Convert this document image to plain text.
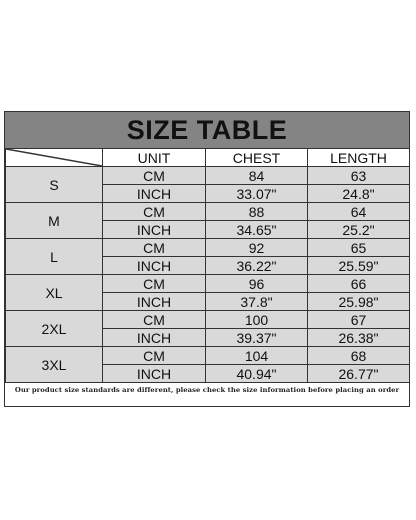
SIZE TABLE
	UNIT	CHEST	LENGTH
S	CM	84	63
	INCH	33.07"	24.8"
M	CM	88	64
	INCH	34.65"	25.2"
L	CM	92	65
	INCH	36.22"	25.59"
XL	CM	96	66
	INCH	37.8"	25.98"
2XL	CM	100	67
	INCH	39.37"	26.38"
3XL	CM	104	68
	INCH	40.94"	26.77"
Our product size standards are different, please check the size information before placing an order
